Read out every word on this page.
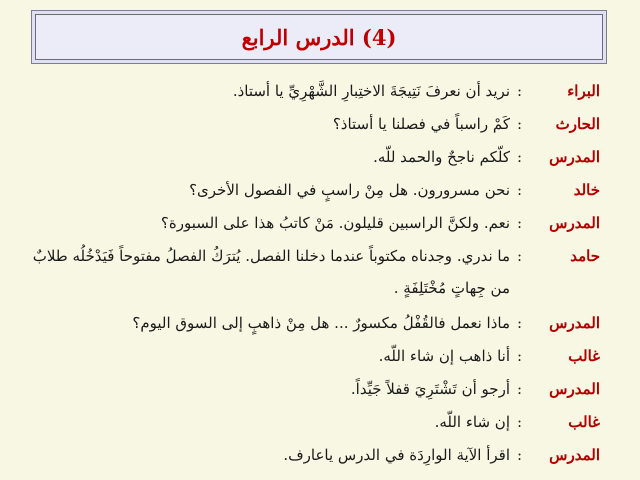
(4) الدرس الرابع
البراء
:
نريد أن نعرفَ نَتِيجَةَ الاختِبارِ الشَّهْرِيِّ يا أستاذ.
الحارث
:
كَمْ راسباً في فصلنا يا أستاذ؟
المدرس
:
كلّكم ناجحٌ والحمد للّه.
خالد
:
نحن مسرورون. هل مِنْ راسبٍ في الفصول الأخرى؟
المدرس
:
نعم. ولكنَّ الراسبين قليلون. مَنْ كاتبُ هذا على السبورة؟
حامد
:
ما ندري. وجدناه مكتوباً عندما دخلنا الفصل. يُترَكُ الفصلُ مفتوحاً فَيَدْخُلُه طلابٌ من جِهاتٍ مُخْتَلِفَةٍ .
المدرس
:
ماذا نعمل فالقُفْلُ مكسورٌ ... هل مِنْ ذاهبٍ إلى السوق اليوم؟
غالب
:
أنا ذاهب إن شاء اللّه.
المدرس
:
أرجو أن تَشْتَرِيَ قفلاً جَيِّداً.
غالب
:
إن شاء اللّه.
المدرس
:
اقرأ الآية الوارِدَة في الدرس ياعارف.
